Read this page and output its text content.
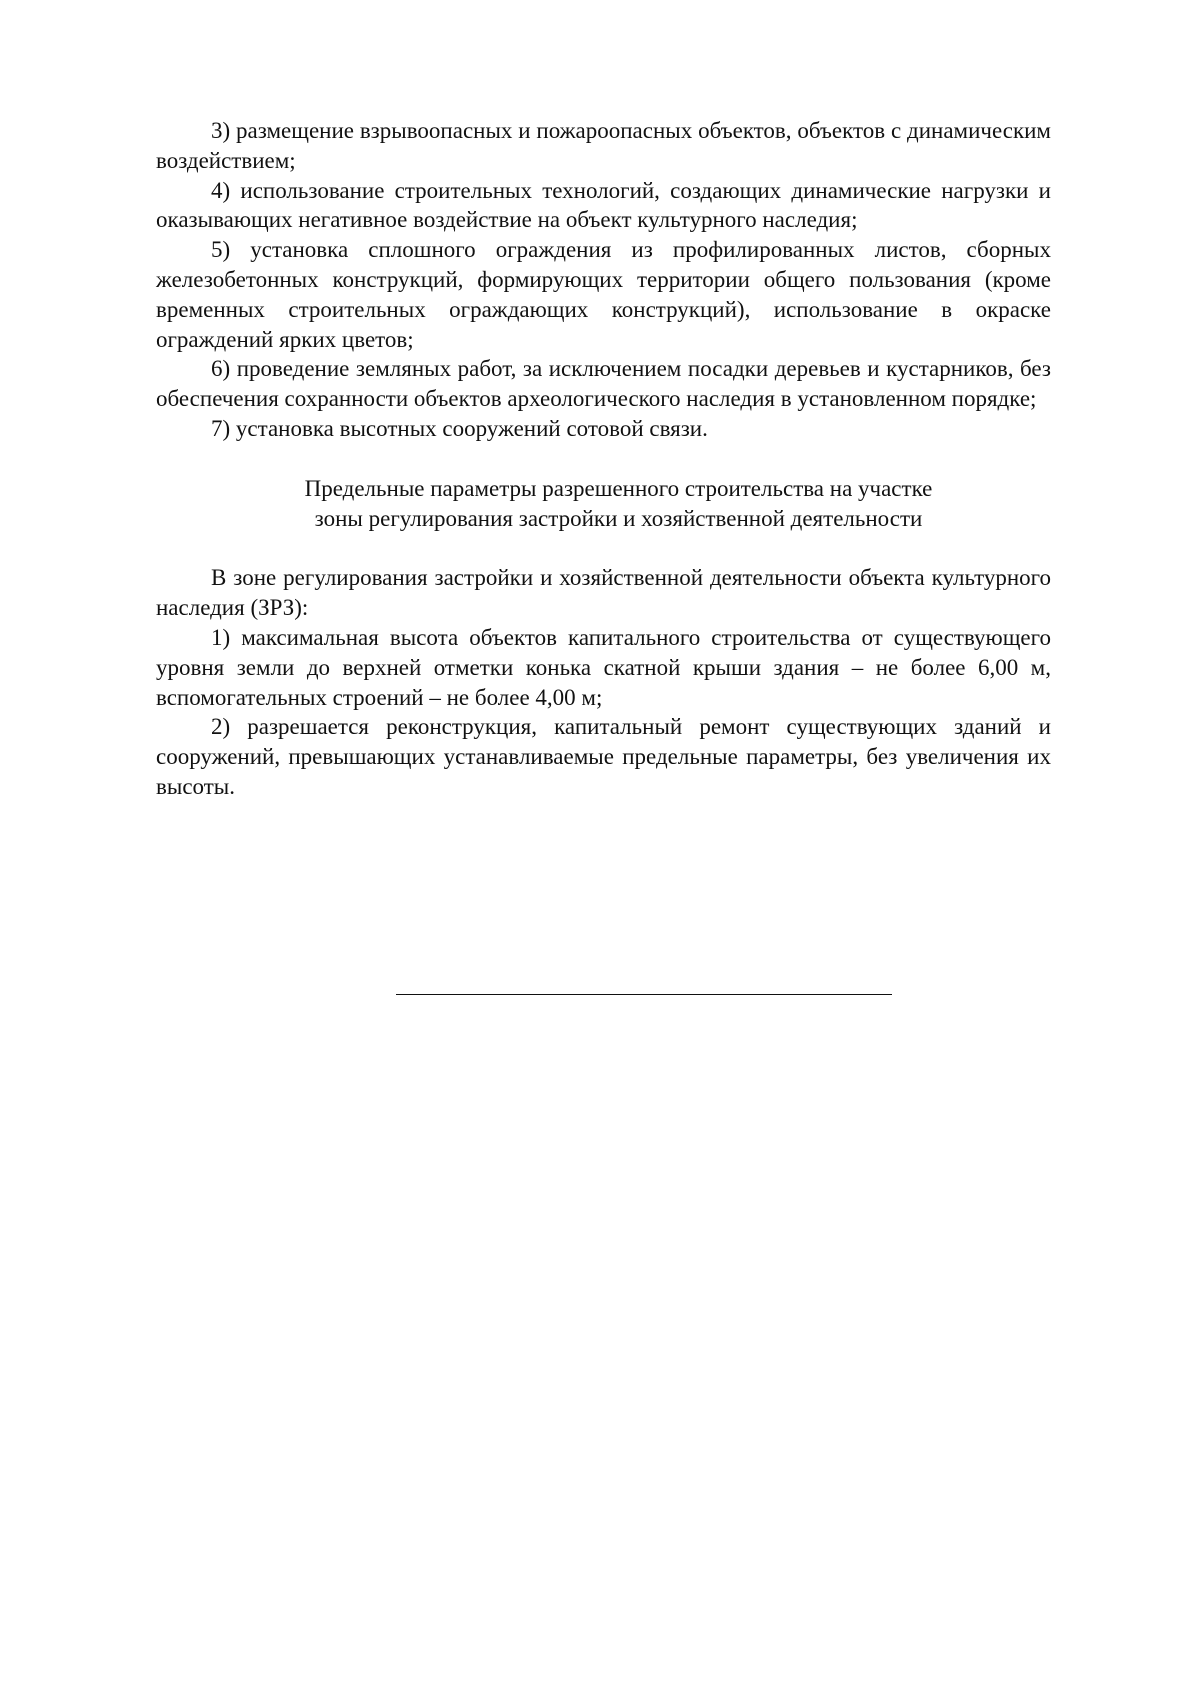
3) размещение взрывоопасных и пожароопасных объектов, объектов с динамическим воздействием;

4) использование строительных технологий, создающих динамические нагрузки и оказывающих негативное воздействие на объект культурного наследия;

5) установка сплошного ограждения из профилированных листов, сборных железобетонных конструкций, формирующих территории общего пользования (кроме временных строительных ограждающих конструкций), использование в окраске ограждений ярких цветов;

6) проведение земляных работ, за исключением посадки деревьев и кустарников, без обеспечения сохранности объектов археологического наследия в установленном порядке;

7) установка высотных сооружений сотовой связи.

Предельные параметры разрешенного строительства на участке
зоны регулирования застройки и хозяйственной деятельности

В зоне регулирования застройки и хозяйственной деятельности объекта культурного наследия (ЗРЗ):

1) максимальная высота объектов капитального строительства от существующего уровня земли до верхней отметки конька скатной крыши здания – не более 6,00 м, вспомогательных строений – не более 4,00 м;

2) разрешается реконструкция, капитальный ремонт существующих зданий и сооружений, превышающих устанавливаемые предельные параметры, без увеличения их высоты.
